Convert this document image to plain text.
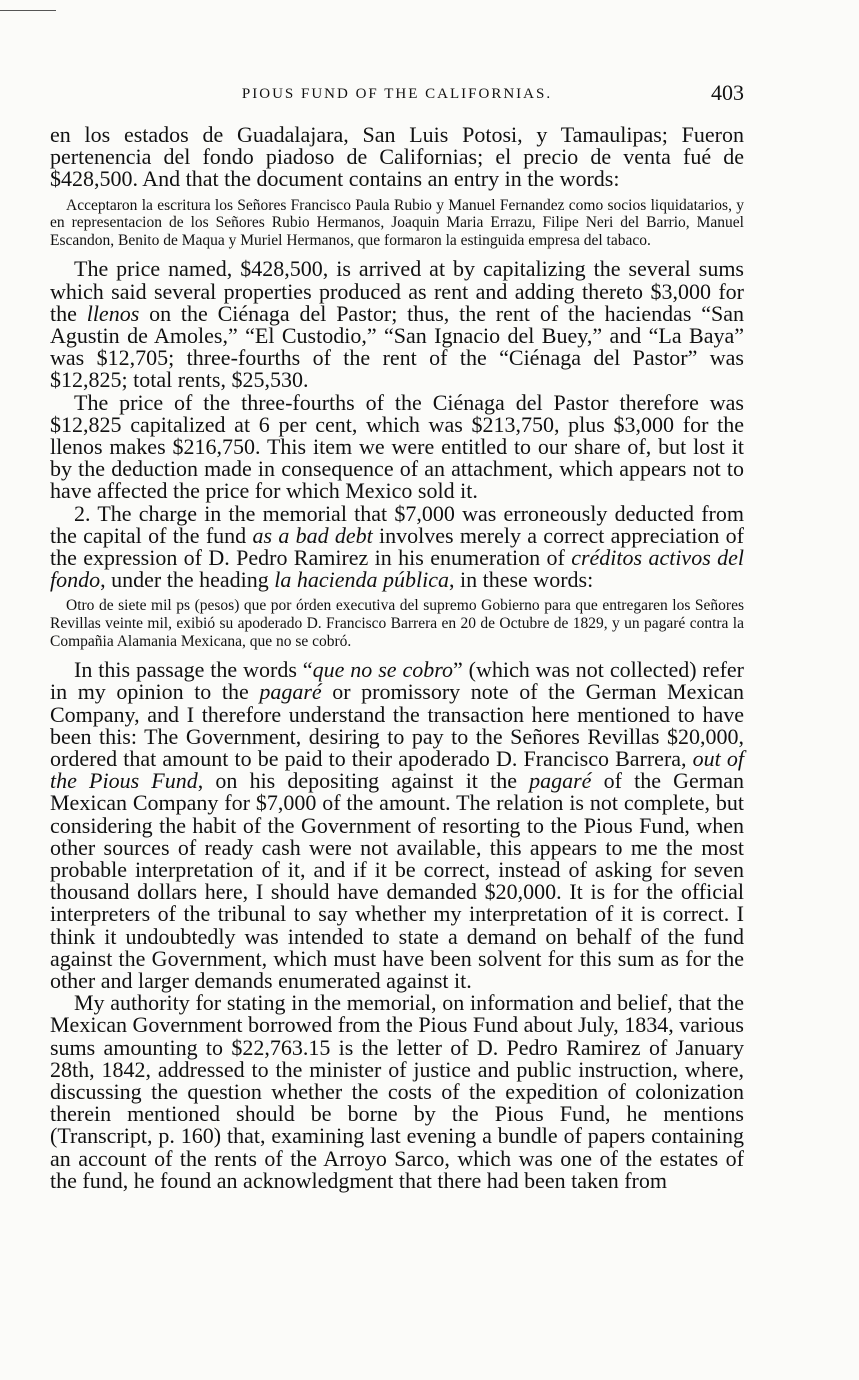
PIOUS FUND OF THE CALIFORNIAS.	403

en los estados de Guadalajara, San Luis Potosi, y Tamaulipas; Fueron pertenencia del fondo piadoso de Californias; el precio de venta fué de $428,500. And that the document contains an entry in the words:

Acceptaron la escritura los Señores Francisco Paula Rubio y Manuel Fernandez como socios liquidatarios, y en representacion de los Señores Rubio Hermanos, Joaquin Maria Errazu, Filipe Neri del Barrio, Manuel Escandon, Benito de Maqua y Muriel Hermanos, que formaron la estinguida empresa del tabaco.

The price named, $428,500, is arrived at by capitalizing the several sums which said several properties produced as rent and adding thereto $3,000 for the llenos on the Ciénaga del Pastor; thus, the rent of the haciendas “San Agustin de Amoles,” “El Custodio,” “San Ignacio del Buey,” and “La Baya” was $12,705; three-fourths of the rent of the “Ciénaga del Pastor” was $12,825; total rents, $25,530.

The price of the three-fourths of the Ciénaga del Pastor therefore was $12,825 capitalized at 6 per cent, which was $213,750, plus $3,000 for the llenos makes $216,750. This item we were entitled to our share of, but lost it by the deduction made in consequence of an attachment, which appears not to have affected the price for which Mexico sold it.

2. The charge in the memorial that $7,000 was erroneously deducted from the capital of the fund as a bad debt involves merely a correct appreciation of the expression of D. Pedro Ramirez in his enumeration of créditos activos del fondo, under the heading la hacienda pública, in these words:

Otro de siete mil ps (pesos) que por órden executiva del supremo Gobierno para que entregaren los Señores Revillas veinte mil, exibió su apoderado D. Francisco Barrera en 20 de Octubre de 1829, y un pagaré contra la Compañia Alamania Mexicana, que no se cobró.

In this passage the words “que no se cobro” (which was not collected) refer in my opinion to the pagaré or promissory note of the German Mexican Company, and I therefore understand the transaction here mentioned to have been this: The Government, desiring to pay to the Señores Revillas $20,000, ordered that amount to be paid to their apoderado D. Francisco Barrera, out of the Pious Fund, on his depositing against it the pagaré of the German Mexican Company for $7,000 of the amount. The relation is not complete, but considering the habit of the Government of resorting to the Pious Fund, when other sources of ready cash were not available, this appears to me the most probable interpretation of it, and if it be correct, instead of asking for seven thousand dollars here, I should have demanded $20,000. It is for the official interpreters of the tribunal to say whether my interpretation of it is correct. I think it undoubtedly was intended to state a demand on behalf of the fund against the Government, which must have been solvent for this sum as for the other and larger demands enumerated against it.

My authority for stating in the memorial, on information and belief, that the Mexican Government borrowed from the Pious Fund about July, 1834, various sums amounting to $22,763.15 is the letter of D. Pedro Ramirez of January 28th, 1842, addressed to the minister of justice and public instruction, where, discussing the question whether the costs of the expedition of colonization therein mentioned should be borne by the Pious Fund, he mentions (Transcript, p. 160) that, examining last evening a bundle of papers containing an account of the rents of the Arroyo Sarco, which was one of the estates of the fund, he found an acknowledgment that there had been taken from
